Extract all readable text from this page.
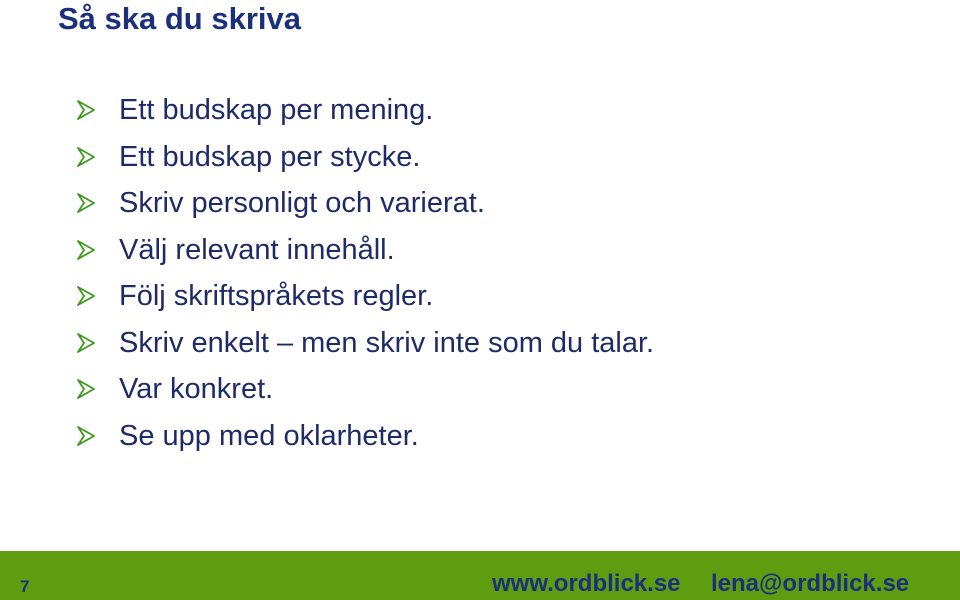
Så ska du skriva
Ett budskap per mening.
Ett budskap per stycke.
Skriv personligt och varierat.
Välj relevant innehåll.
Följ skriftspråkets regler.
Skriv enkelt – men skriv inte som du talar.
Var konkret.
Se upp med oklarheter.
7	www.ordblick.se lena@ordblick.se
